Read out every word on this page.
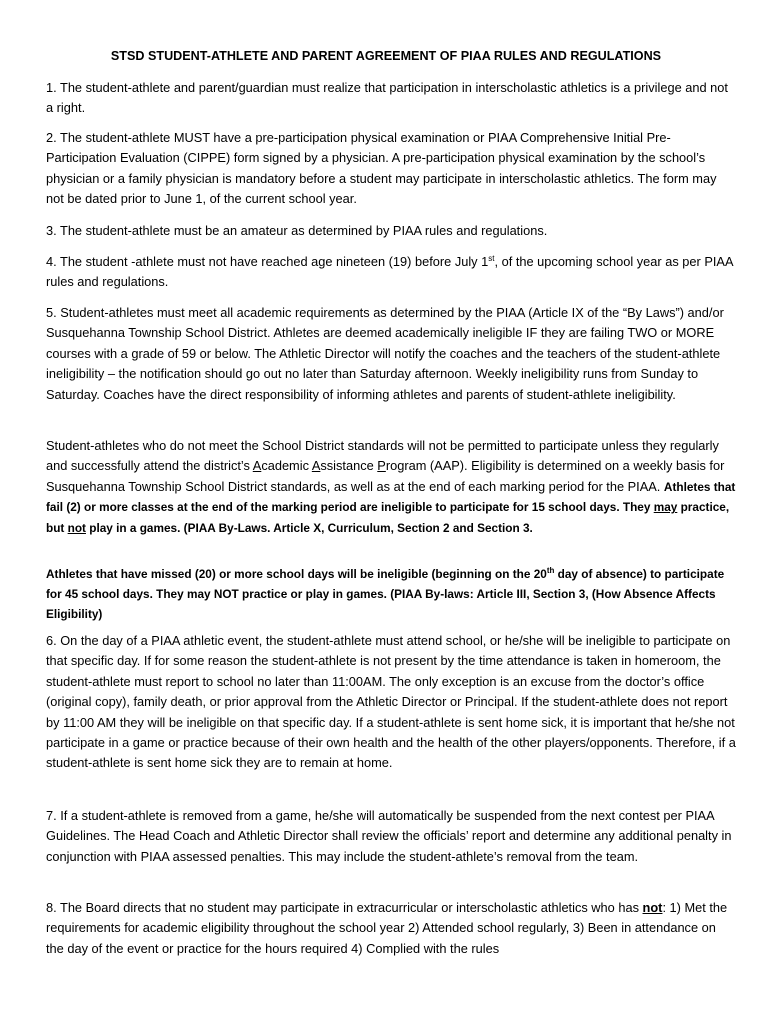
STSD STUDENT-ATHLETE AND PARENT AGREEMENT OF PIAA RULES AND REGULATIONS

1. The student-athlete and parent/guardian must realize that participation in interscholastic athletics is a privilege and not a right.

2. The student-athlete MUST have a pre-participation physical examination or PIAA Comprehensive Initial Pre-Participation Evaluation (CIPPE) form signed by a physician. A pre-participation physical examination by the school’s physician or a family physician is mandatory before a student may participate in interscholastic athletics. The form may not be dated prior to June 1, of the current school year.

3. The student-athlete must be an amateur as determined by PIAA rules and regulations.

4. The student -athlete must not have reached age nineteen (19) before July 1st, of the upcoming school year as per PIAA rules and regulations.

5. Student-athletes must meet all academic requirements as determined by the PIAA (Article IX of the “By Laws”) and/or Susquehanna Township School District. Athletes are deemed academically ineligible IF they are failing TWO or MORE courses with a grade of 59 or below. The Athletic Director will notify the coaches and the teachers of the student-athlete ineligibility – the notification should go out no later than Saturday afternoon. Weekly ineligibility runs from Sunday to Saturday. Coaches have the direct responsibility of informing athletes and parents of student-athlete ineligibility.

Student-athletes who do not meet the School District standards will not be permitted to participate unless they regularly and successfully attend the district’s Academic Assistance Program (AAP). Eligibility is determined on a weekly basis for Susquehanna Township School District standards, as well as at the end of each marking period for the PIAA. Athletes that fail (2) or more classes at the end of the marking period are ineligible to participate for 15 school days. They may practice, but not play in a games. (PIAA By-Laws. Article X, Curriculum, Section 2 and Section 3.

Athletes that have missed (20) or more school days will be ineligible (beginning on the 20th day of absence) to participate for 45 school days. They may NOT practice or play in games. (PIAA By-laws: Article III, Section 3, (How Absence Affects Eligibility)

6. On the day of a PIAA athletic event, the student-athlete must attend school, or he/she will be ineligible to participate on that specific day. If for some reason the student-athlete is not present by the time attendance is taken in homeroom, the student-athlete must report to school no later than 11:00AM. The only exception is an excuse from the doctor’s office (original copy), family death, or prior approval from the Athletic Director or Principal. If the student-athlete does not report by 11:00 AM they will be ineligible on that specific day. If a student-athlete is sent home sick, it is important that he/she not participate in a game or practice because of their own health and the health of the other players/opponents. Therefore, if a student-athlete is sent home sick they are to remain at home.

7. If a student-athlete is removed from a game, he/she will automatically be suspended from the next contest per PIAA Guidelines. The Head Coach and Athletic Director shall review the officials’ report and determine any additional penalty in conjunction with PIAA assessed penalties. This may include the student-athlete’s removal from the team.

8. The Board directs that no student may participate in extracurricular or interscholastic athletics who has not: 1) Met the requirements for academic eligibility throughout the school year 2) Attended school regularly, 3) Been in attendance on the day of the event or practice for the hours required 4) Complied with the rules
